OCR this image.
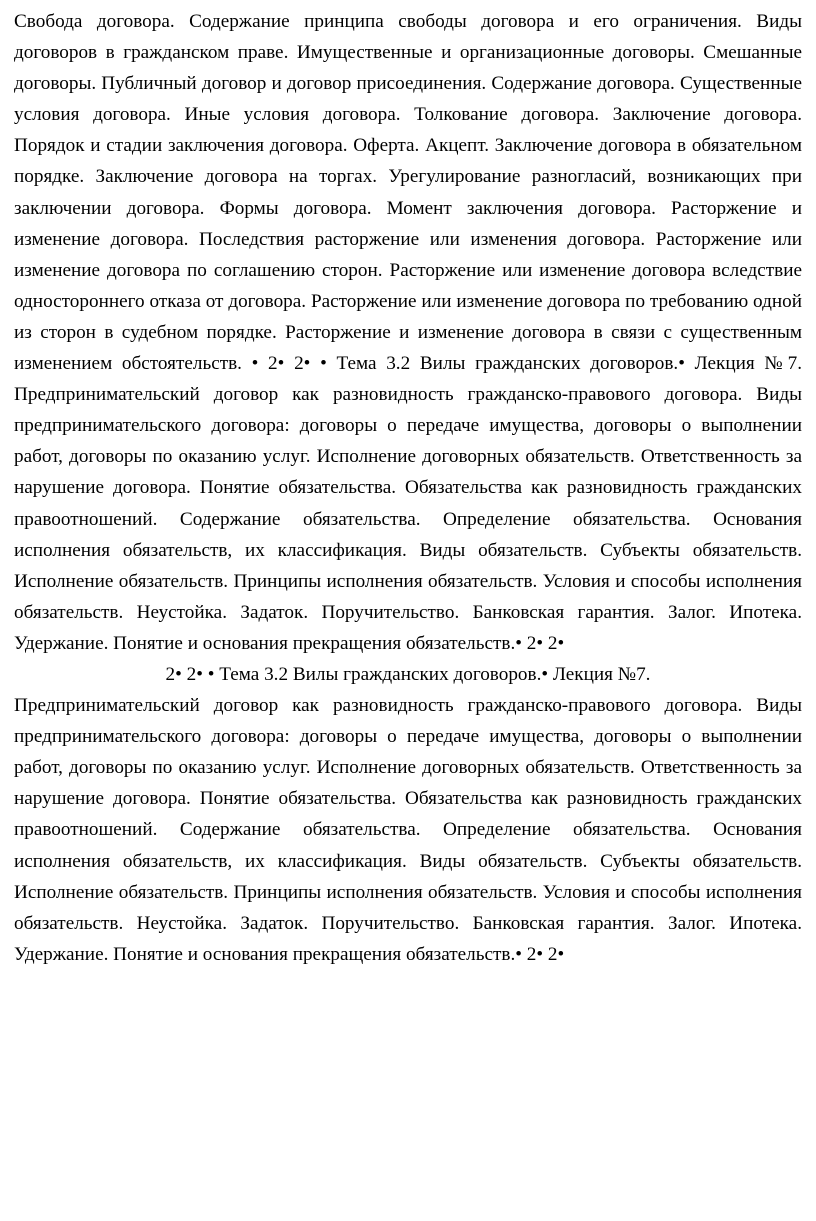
Свобода договора. Содержание принципа свободы договора и его ограничения. Виды договоров в гражданском праве. Имущественные и организационные договоры. Смешанные договоры. Публичный договор и договор присоединения. Содержание договора. Существенные условия договора. Иные условия договора. Толкование договора. Заключение договора. Порядок и стадии заключения договора. Оферта. Акцепт. Заключение договора в обязательном порядке. Заключение договора на торгах. Урегулирование разногласий, возникающих при заключении договора. Формы договора. Момент заключения договора. Расторжение и изменение договора. Последствия расторжение или изменения договора. Расторжение или изменение договора по соглашению сторон. Расторжение или изменение договора вследствие одностороннего отказа от договора. Расторжение или изменение договора по требованию одной из сторон в судебном порядке. Расторжение и изменение договора в связи с существенным изменением обстоятельств. • 2• 2• • Тема 3.2 Вилы гражданских договоров.• Лекция №7. Предпринимательский договор как разновидность гражданско-правового договора. Виды предпринимательского договора: договоры о передаче имущества, договоры о выполнении работ, договоры по оказанию услуг. Исполнение договорных обязательств. Ответственность за нарушение договора. Понятие обязательства. Обязательства как разновидность гражданских правоотношений. Содержание обязательства. Определение обязательства. Основания исполнения обязательств, их классификация. Виды обязательств. Субъекты обязательств. Исполнение обязательств. Принципы исполнения обязательств. Условия и способы исполнения обязательств. Неустойка. Задаток. Поручительство. Банковская гарантия. Залог. Ипотека. Удержание. Понятие и основания прекращения обязательств.• 2• 2•

2• 2• • Тема 3.2 Вилы гражданских договоров.• Лекция №7.

Предпринимательский договор как разновидность гражданско-правового договора. Виды предпринимательского договора: договоры о передаче имущества, договоры о выполнении работ, договоры по оказанию услуг. Исполнение договорных обязательств. Ответственность за нарушение договора. Понятие обязательства. Обязательства как разновидность гражданских правоотношений. Содержание обязательства. Определение обязательства. Основания исполнения обязательств, их классификация. Виды обязательств. Субъекты обязательств. Исполнение обязательств. Принципы исполнения обязательств. Условия и способы исполнения обязательств. Неустойка. Задаток. Поручительство. Банковская гарантия. Залог. Ипотека. Удержание. Понятие и основания прекращения обязательств.• 2• 2•
